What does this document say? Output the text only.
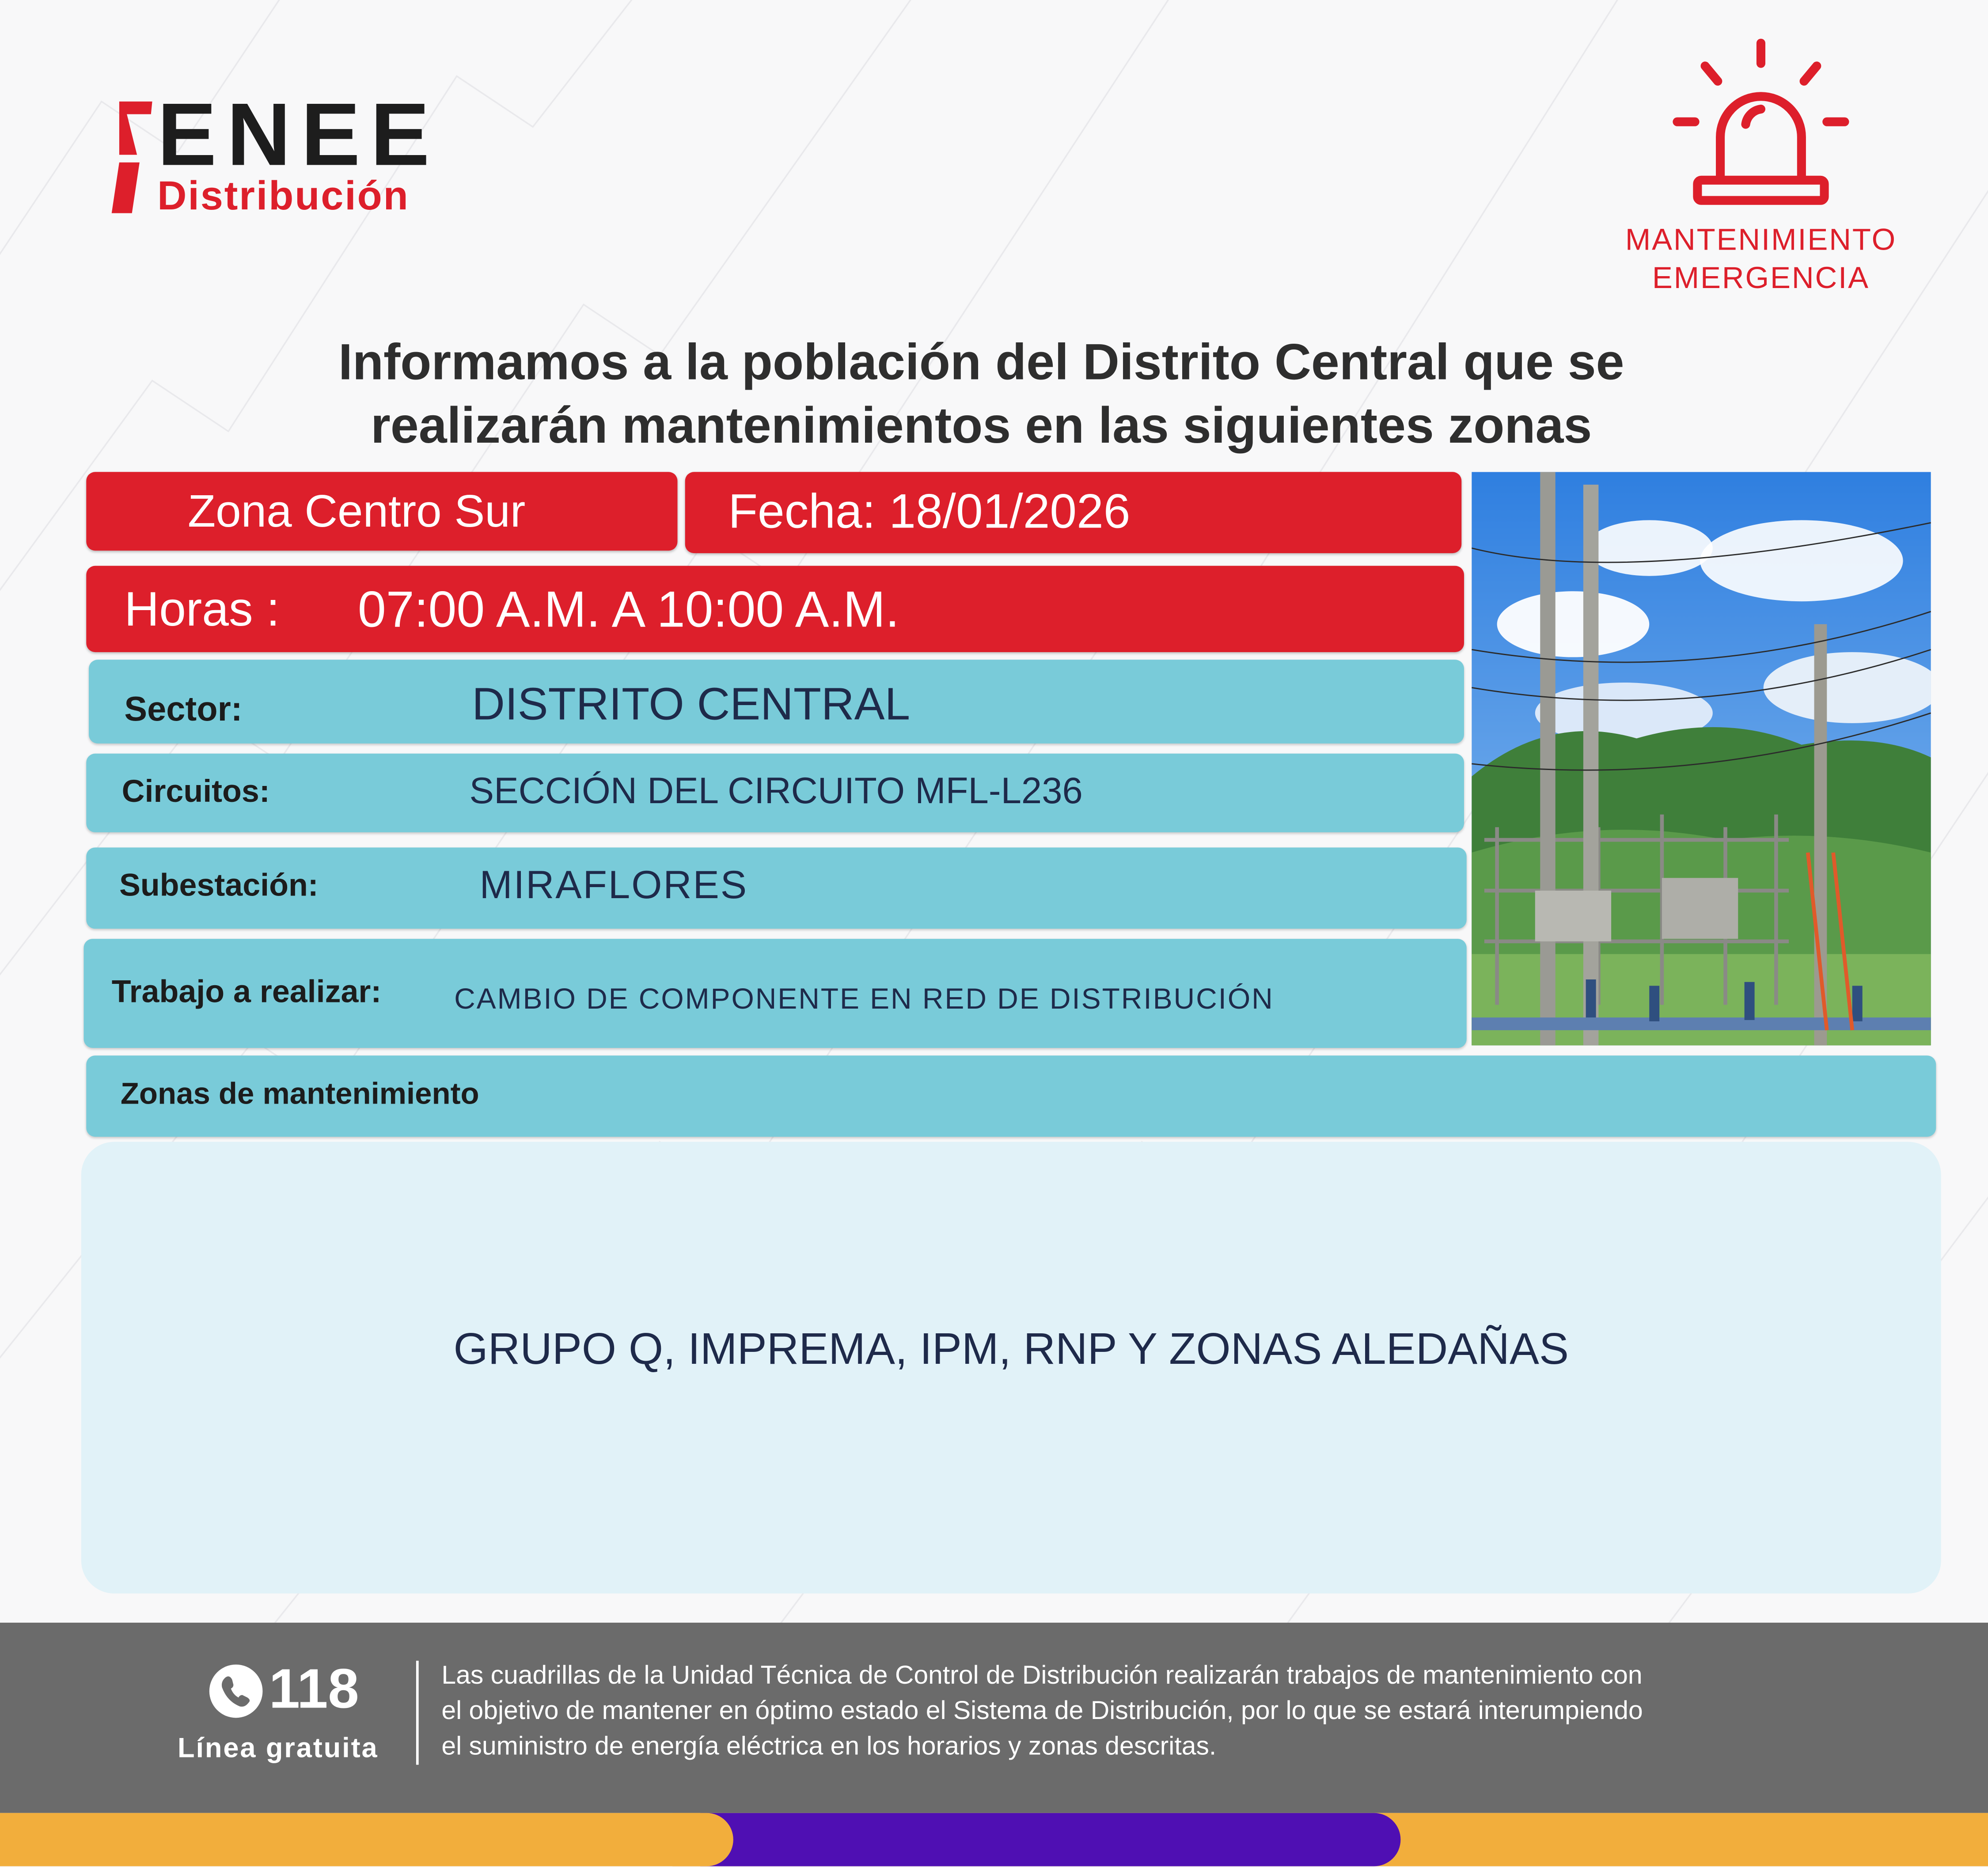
ENEE
Distribución
MANTENIMIENTO
EMERGENCIA
Informamos a la población del Distrito Central que se
realizarán mantenimientos en las siguientes zonas
Zona Centro Sur	Fecha: 18/01/2026
Horas :	07:00 A.M. A 10:00 A.M.
Sector:	DISTRITO CENTRAL
Circuitos:	SECCIÓN DEL CIRCUITO MFL-L236
Subestación:	MIRAFLORES
Trabajo a realizar:	CAMBIO DE COMPONENTE EN RED DE DISTRIBUCIÓN
Zonas de mantenimiento
GRUPO Q, IMPREMA, IPM, RNP Y ZONAS ALEDAÑAS
118
Línea gratuita
Las cuadrillas de la Unidad Técnica de Control de Distribución realizarán trabajos de mantenimiento con
el objetivo de mantener en óptimo estado el Sistema de Distribución, por lo que se estará interumpiendo
el suministro de energía eléctrica en los horarios y zonas descritas.
